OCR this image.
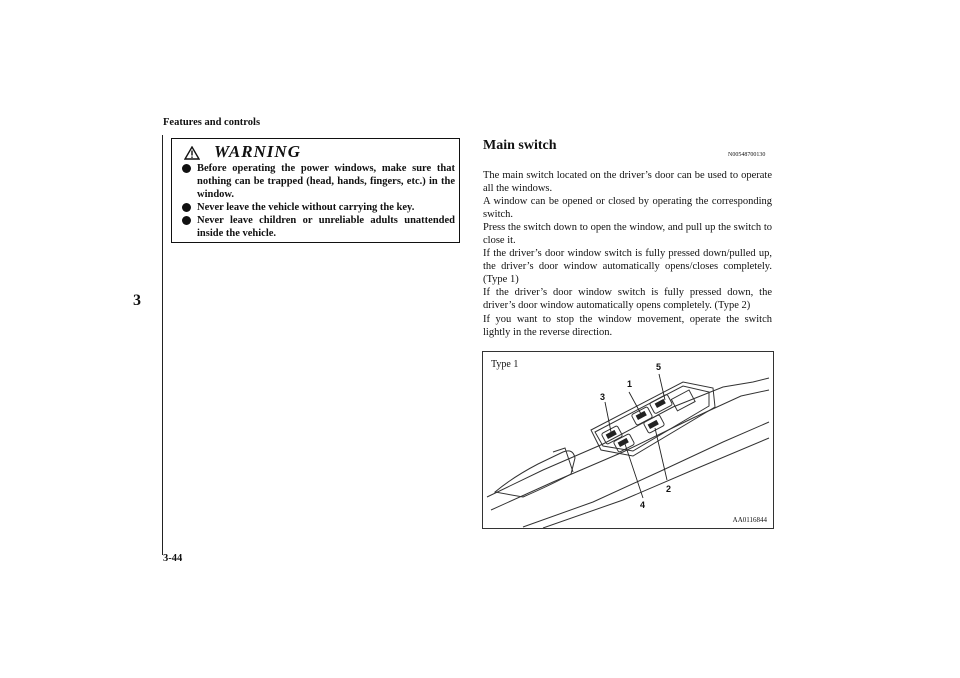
Features and controls
3
3-44
WARNING
Before operating the power windows, make sure that nothing can be trapped (head, hands, fingers, etc.) in the window.
Never leave the vehicle without carrying the key.
Never leave children or unreliable adults unattended inside the vehicle.
Main switch
N00548700130

The main switch located on the driver’s door can be used to operate all the windows.

A window can be opened or closed by operating the corresponding switch.

Press the switch down to open the window, and pull up the switch to close it.

If the driver’s door window switch is fully pressed down/pulled up, the driver’s door window automatically opens/closes completely. (Type 1)

If the driver’s door window switch is fully pressed down, the driver’s door window automatically opens completely. (Type 2)

If you want to stop the window movement, operate the switch lightly in the reverse direction.

Type 1
1
2
3
4
5
AA0116844
